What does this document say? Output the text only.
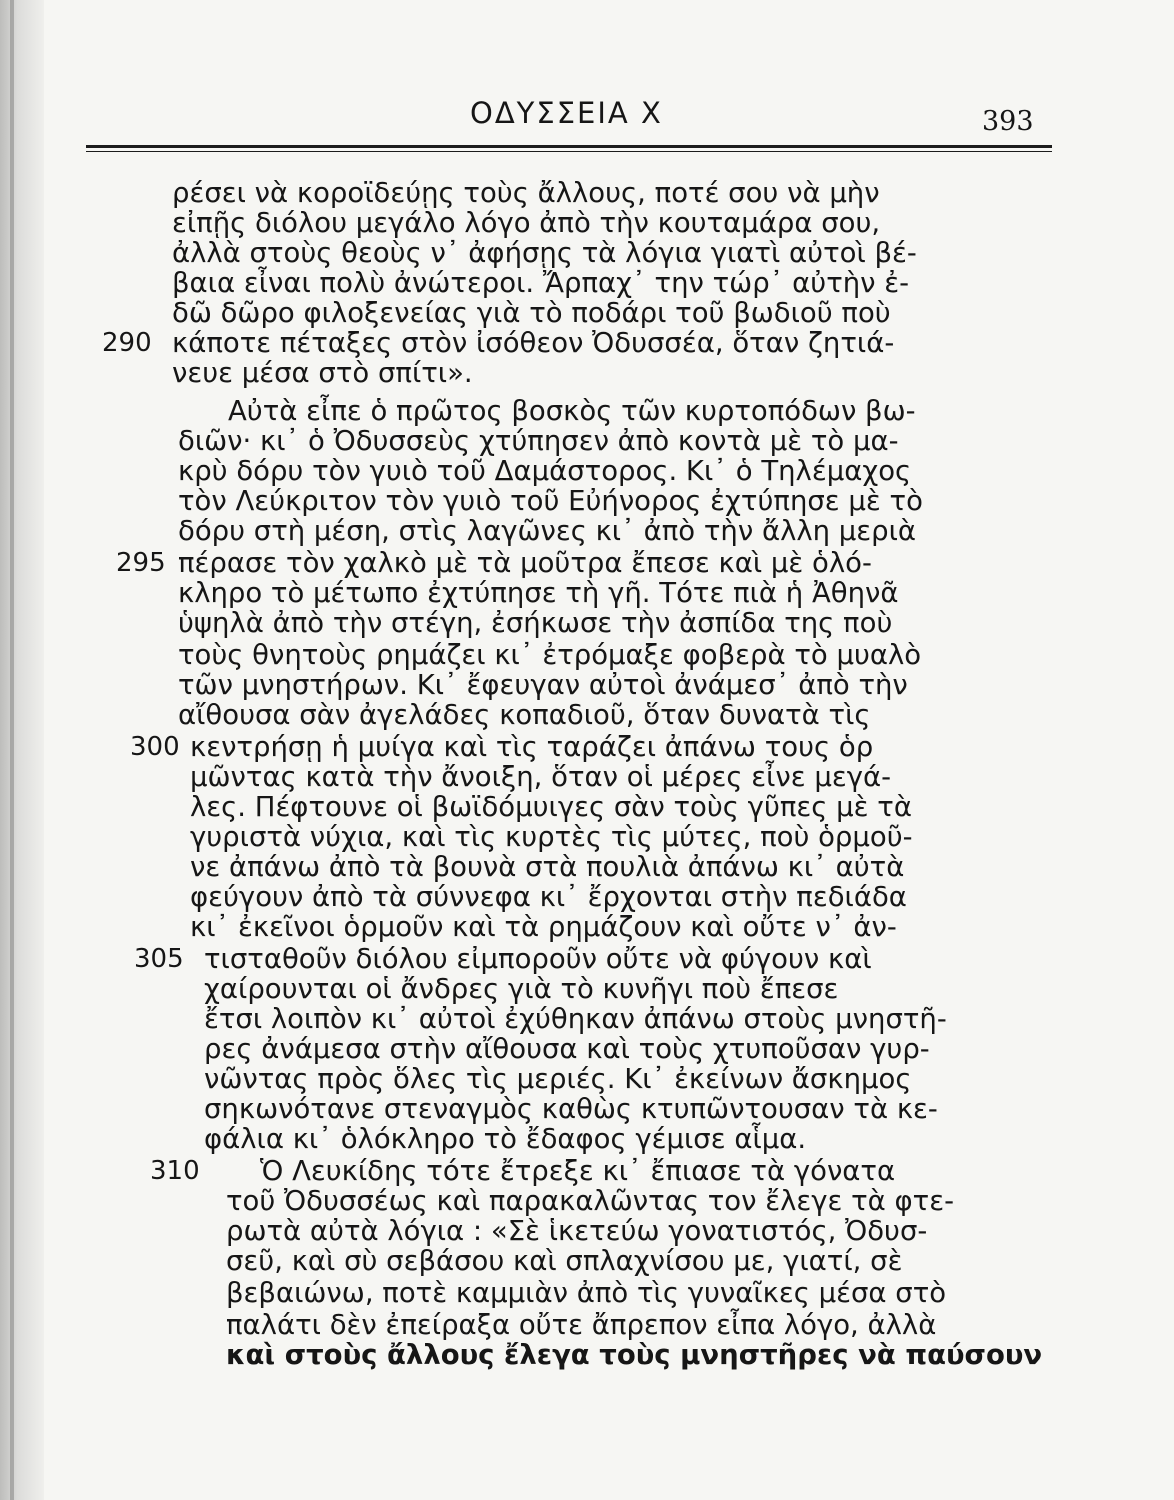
ΟΔΥΣΣΕΙΑ Χ	393
ρέσει νὰ κοροϊδεύῃς τοὺς ἄλλους, ποτέ σου νὰ μὴν
εἰπῇς διόλου μεγάλο λόγο ἀπὸ τὴν κουταμάρα σου,
ἀλλὰ στοὺς θεοὺς ν᾽ ἀφήσῃς τὰ λόγια γιατὶ αὐτοὶ βέ-
βαια εἶναι πολὺ ἀνώτεροι. Ἄρπαχ᾽ την τώρ᾽ αὐτὴν ἐ-
δῶ δῶρο φιλοξενείας γιὰ τὸ ποδάρι τοῦ βωδιοῦ ποὺ
290 κάποτε πέταξες στὸν ἰσόθεον Ὀδυσσέα, ὅταν ζητιά-
νευε μέσα στὸ σπίτι».
Αὐτὰ εἶπε ὁ πρῶτος βοσκὸς τῶν κυρτοπόδων βω-
διῶν· κι᾽ ὁ Ὀδυσσεὺς χτύπησεν ἀπὸ κοντὰ μὲ τὸ μα-
κρὺ δόρυ τὸν γυιὸ τοῦ Δαμάστορος. Κι᾽ ὁ Τηλέμαχος
τὸν Λεύκριτον τὸν γυιὸ τοῦ Εὐήνορος ἐχτύπησε μὲ τὸ
δόρυ στὴ μέση, στὶς λαγῶνες κι᾽ ἀπὸ τὴν ἄλλη μεριὰ
295 πέρασε τὸν χαλκὸ μὲ τὰ μοῦτρα ἔπεσε καὶ μὲ ὁλό-
κληρο τὸ μέτωπο ἐχτύπησε τὴ γῆ. Τότε πιὰ ἡ Ἀθηνᾶ
ὑψηλὰ ἀπὸ τὴν στέγη, ἐσήκωσε τὴν ἀσπίδα της ποὺ
τοὺς θνητοὺς ρημάζει κι᾽ ἐτρόμαξε φοβερὰ τὸ μυαλὸ
τῶν μνηστήρων. Κι᾽ ἔφευγαν αὐτοὶ ἀνάμεσ᾽ ἀπὸ τὴν
αἴθουσα σὰν ἀγελάδες κοπαδιοῦ, ὅταν δυνατὰ τὶς
300 κεντρήσῃ ἡ μυίγα καὶ τὶς ταράζει ἀπάνω τους ὁρ
μῶντας κατὰ τὴν ἄνοιξη, ὅταν οἱ μέρες εἶνε μεγά-
λες. Πέφτουνε οἱ βωϊδόμυιγες σὰν τοὺς γῦπες μὲ τὰ
γυριστὰ νύχια, καὶ τὶς κυρτὲς τὶς μύτες, ποὺ ὁρμοῦ-
νε ἀπάνω ἀπὸ τὰ βουνὰ στὰ πουλιὰ ἀπάνω κι᾽ αὐτὰ
φεύγουν ἀπὸ τὰ σύννεφα κι᾽ ἔρχονται στὴν πεδιάδα
κι᾽ ἐκεῖνοι ὁρμοῦν καὶ τὰ ρημάζουν καὶ οὔτε ν᾽ ἀν-
305 τισταθοῦν διόλου εἰμποροῦν οὔτε νὰ φύγουν καὶ
χαίρουνται οἱ ἄνδρες γιὰ τὸ κυνῆγι ποὺ ἔπεσε
ἔτσι λοιπὸν κι᾽ αὐτοὶ ἐχύθηκαν ἀπάνω στοὺς μνηστῆ-
ρες ἀνάμεσα στὴν αἴθουσα καὶ τοὺς χτυποῦσαν γυρ-
νῶντας πρὸς ὅλες τὶς μεριές. Κι᾽ ἐκείνων ἄσκημος
σηκωνότανε στεναγμὸς καθὼς κτυπῶντουσαν τὰ κε-
φάλια κι᾽ ὁλόκληρο τὸ ἔδαφος γέμισε αἷμα.
310 Ὁ Λευκίδης τότε ἔτρεξε κι᾽ ἔπιασε τὰ γόνατα
τοῦ Ὀδυσσέως καὶ παρακαλῶντας τον ἔλεγε τὰ φτε-
ρωτὰ αὐτὰ λόγια : «Σὲ ἱκετεύω γονατιστός, Ὀδυσ-
σεῦ, καὶ σὺ σεβάσου καὶ σπλαχνίσου με, γιατί, σὲ
βεβαιώνω, ποτὲ καμμιὰν ἀπὸ τὶς γυναῖκες μέσα στὸ
παλάτι δὲν ἐπείραξα οὔτε ἄπρεπον εἶπα λόγο, ἀλλὰ
καὶ στοὺς ἄλλους ἔλεγα τοὺς μνηστῆρες νὰ παύσουν
